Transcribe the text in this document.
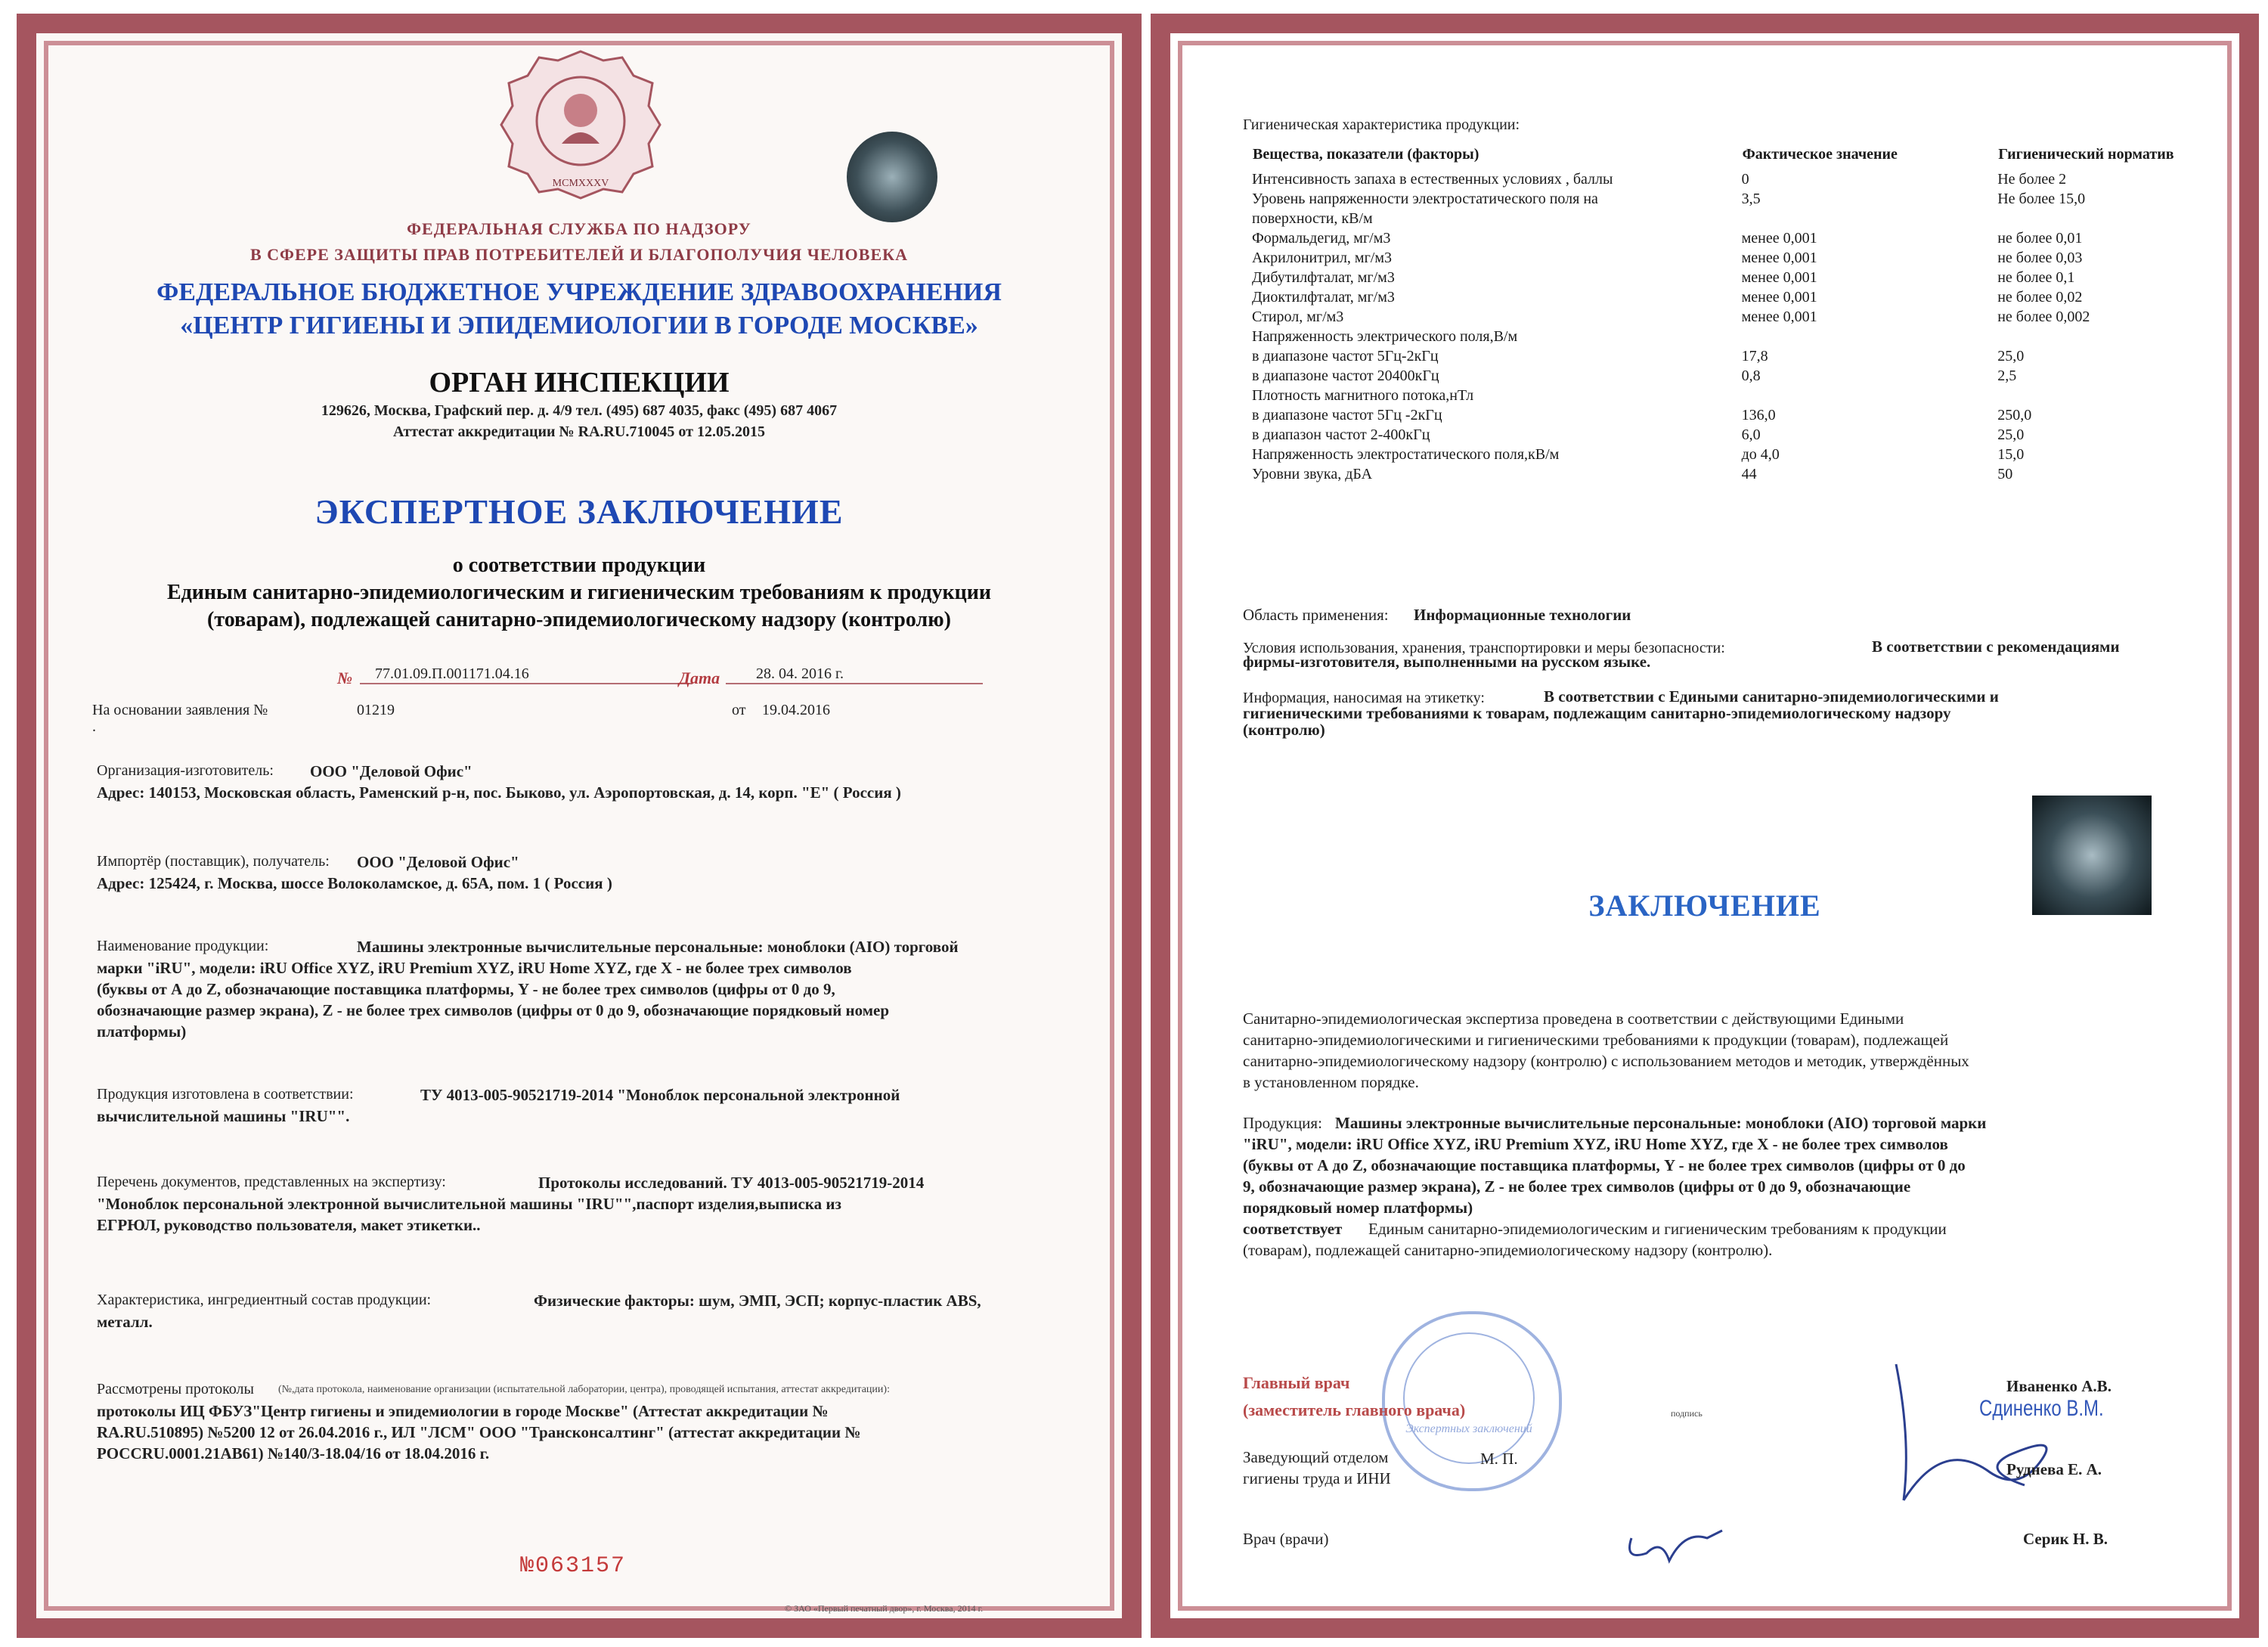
MCMXXXV
ФЕДЕРАЛЬНАЯ СЛУЖБА ПО НАДЗОРУ
В СФЕРЕ ЗАЩИТЫ ПРАВ ПОТРЕБИТЕЛЕЙ И БЛАГОПОЛУЧИЯ ЧЕЛОВЕКА
ФЕДЕРАЛЬНОЕ БЮДЖЕТНОЕ УЧРЕЖДЕНИЕ ЗДРАВООХРАНЕНИЯ
«ЦЕНТР ГИГИЕНЫ И ЭПИДЕМИОЛОГИИ В ГОРОДЕ МОСКВЕ»
ОРГАН ИНСПЕКЦИИ
129626, Москва, Графский пер. д. 4/9 тел. (495) 687 4035, факс (495) 687 4067
Аттестат аккредитации № RA.RU.710045 от 12.05.2015
ЭКСПЕРТНОЕ ЗАКЛЮЧЕНИЕ
о соответствии продукции
Единым санитарно-эпидемиологическим и гигиеническим требованиям к продукции
(товарам), подлежащей санитарно-эпидемиологическому надзору (контролю)
№	77.01.09.П.001171.04.16	Дата	28. 04. 2016 г.
На основании заявления №	01219	от 19.04.2016
.
Организация-изготовитель: ООО "Деловой Офис"
Адрес: 140153, Московская область, Раменский р-н, пос. Быково, ул. Аэропортовская, д. 14, корп. "Е" ( Россия )
Импортёр (поставщик), получатель: ООО "Деловой Офис"
Адрес: 125424, г. Москва, шоссе Волоколамское, д. 65А, пом. 1 ( Россия )
Наименование продукции:	Машины электронные вычислительные персональные: моноблоки (AIO) торговой
марки "iRU", модели: iRU Office XYZ, iRU Premium XYZ, iRU Home XYZ, где X - не более трех символов
(буквы от А до Z, обозначающие поставщика платформы, Y - не более трех символов (цифры от 0 до 9,
обозначающие размер экрана), Z - не более трех символов (цифры от 0 до 9, обозначающие порядковый номер
платформы)
Продукция изготовлена в соответствии:	ТУ 4013-005-90521719-2014 "Моноблок персональной электронной
вычислительной машины "IRU"".
Перечень документов, представленных на экспертизу:	Протоколы исследований. ТУ 4013-005-90521719-2014
"Моноблок персональной электронной вычислительной машины "IRU"",паспорт изделия,выписка из
ЕГРЮЛ, руководство пользователя, макет этикетки..
Характеристика, ингредиентный состав продукции:	Физические факторы: шум, ЭМП, ЭСП; корпус-пластик ABS,
металл.
Рассмотрены протоколы (№,дата протокола, наименование организации (испытательной лаборатории, центра), проводящей испытания, аттестат аккредитации):
протоколы ИЦ ФБУЗ"Центр гигиены и эпидемиологии в городе Москве" (Аттестат аккредитации №
RA.RU.510895) №5200 12 от 26.04.2016 г., ИЛ "ЛСМ" ООО "Трансконсалтинг" (аттестат аккредитации №
РОССRU.0001.21АВ61) №140/3-18.04/16 от 18.04.2016 г.
№063157
© ЗАО «Первый печатный двор», г. Москва, 2014 г.
Гигиеническая характеристика продукции:
Вещества, показатели (факторы)	Фактическое значение	Гигиенический норматив
Интенсивность запаха в естественных условиях , баллы	0	Не более 2
Уровень напряженности электростатического поля на	3,5	Не более 15,0
поверхности, кВ/м		
Формальдегид, мг/м3	менее 0,001	не более 0,01
Акрилонитрил, мг/м3	менее 0,001	не более 0,03
Дибутилфталат, мг/м3	менее 0,001	не более 0,1
Диоктилфталат, мг/м3	менее 0,001	не более 0,02
Стирол, мг/м3	менее 0,001	не более 0,002
Напряженность электрического поля,В/м		
в диапазоне частот 5Гц-2кГц	17,8	25,0
в диапазоне частот 20400кГц	0,8	2,5
Плотность магнитного потока,нТл		
в диапазоне частот 5Гц -2кГц	136,0	250,0
в диапазон частот 2-400кГц	6,0	25,0
Напряженность электростатического поля,кВ/м	до 4,0	15,0
Уровни звука, дБА	44	50
Область применения: Информационные технологии
Условия использования, хранения, транспортировки и меры безопасности:	В соответствии с рекомендациями
фирмы-изготовителя, выполненными на русском языке.
Информация, наносимая на этикетку:	В соответствии с Едиными санитарно-эпидемиологическими и
гигиеническими требованиями к товарам, подлежащим санитарно-эпидемиологическому надзору
(контролю)
ЗАКЛЮЧЕНИЕ
Санитарно-эпидемиологическая экспертиза проведена в соответствии с действующими Едиными
санитарно-эпидемиологическими и гигиеническими требованиями к продукции (товарам), подлежащей
санитарно-эпидемиологическому надзору (контролю) с использованием методов и методик, утверждённых
в установленном порядке.
Продукция: Машины электронные вычислительные персональные: моноблоки (AIO) торговой марки
"iRU", модели: iRU Office XYZ, iRU Premium XYZ, iRU Home XYZ, где X - не более трех символов
(буквы от А до Z, обозначающие поставщика платформы, Y - не более трех символов (цифры от 0 до
9, обозначающие размер экрана), Z - не более трех символов (цифры от 0 до 9, обозначающие
порядковый номер платформы)
соответствует Единым санитарно-эпидемиологическим и гигиеническим требованиям к продукции
(товарам), подлежащей санитарно-эпидемиологическому надзору (контролю).
Экспертных заключений
Главный врач
(заместитель главного врача)	подпись
Иваненко А.В.
Сдиненко В.М.
Заведующий отделом
гигиены труда и ИНИ
М. П.
Руднева Е. А.
Врач (врачи)	Серик Н. В.
